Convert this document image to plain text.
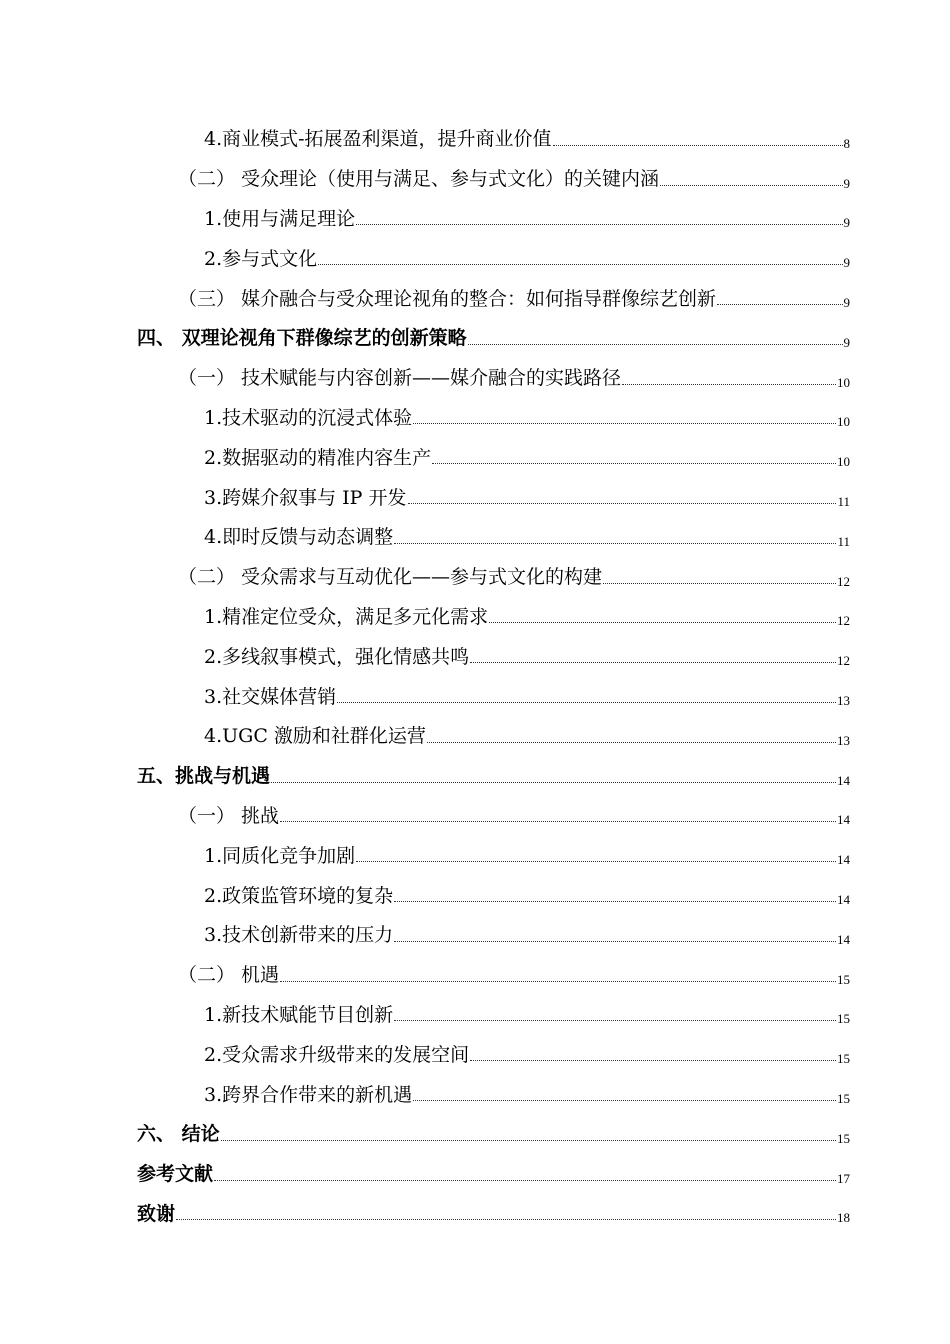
4.商业模式-拓展盈利渠道，提升商业价值	8
（二） 受众理论（使用与满足、参与式文化）的关键内涵	9
1.使用与满足理论	9
2.参与式文化	9
（三） 媒介融合与受众理论视角的整合：如何指导群像综艺创新	9
四、 双理论视角下群像综艺的创新策略	9
（一） 技术赋能与内容创新——媒介融合的实践路径	10
1.技术驱动的沉浸式体验	10
2.数据驱动的精准内容生产	10
3.跨媒介叙事与 IP 开发	11
4.即时反馈与动态调整	11
（二） 受众需求与互动优化——参与式文化的构建	12
1.精准定位受众，满足多元化需求	12
2.多线叙事模式，强化情感共鸣	12
3.社交媒体营销	13
4.UGC 激励和社群化运营	13
五、挑战与机遇	14
（一） 挑战	14
1.同质化竞争加剧	14
2.政策监管环境的复杂	14
3.技术创新带来的压力	14
（二） 机遇	15
1.新技术赋能节目创新	15
2.受众需求升级带来的发展空间	15
3.跨界合作带来的新机遇	15
六、 结论	15
参考文献	17
致谢	18
